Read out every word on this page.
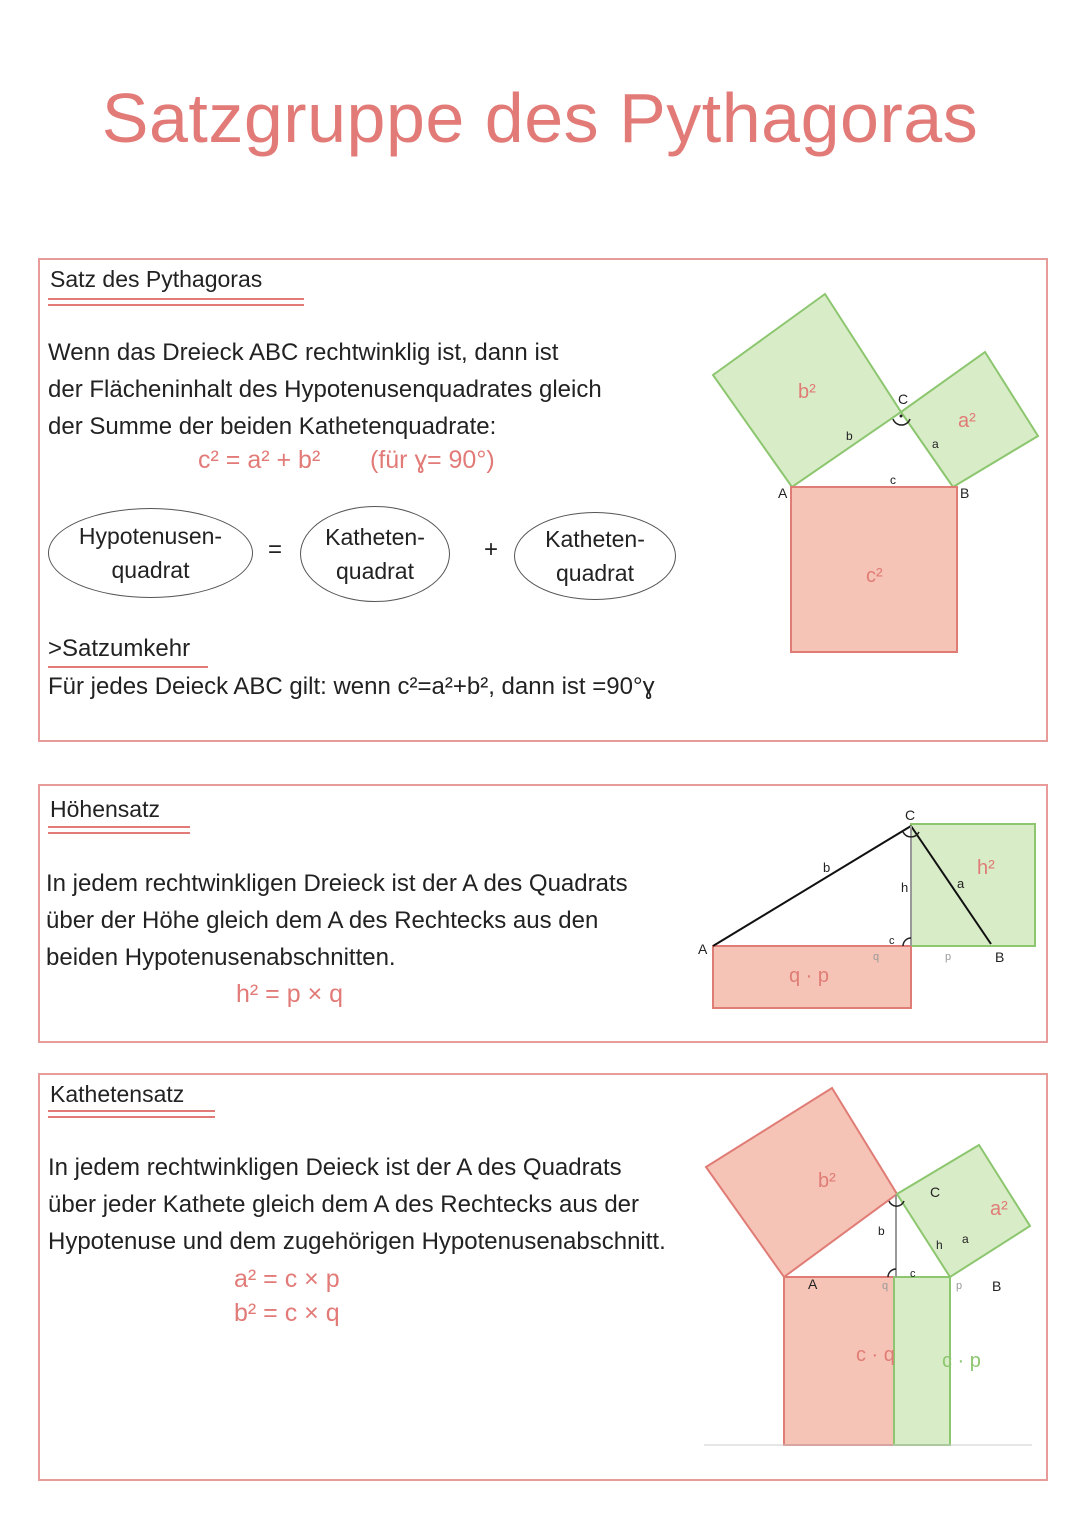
Satzgruppe des Pythagoras
Satz des Pythagoras
Wenn das Dreieck ABC rechtwinklig ist, dann ist
der Flächeninhalt des Hypotenusenquadrates gleich
der Summe der beiden Kathetenquadrate:
c² = a² + b² (für ɣ= 90°)
Hypotenusen-
quadrat
= Katheten-
quadrat
+ Katheten-
quadrat
>Satzumkehr
Für jedes Deieck ABC gilt: wenn c²=a²+b², dann ist =90°ɣ
b²
a²
c²
A	B
C
b
a
c
Höhensatz
In jedem rechtwinkligen Dreieck ist der A des Quadrats
über der Höhe gleich dem A des Rechtecks aus den
beiden Hypotenusenabschnitten.
h² = p × q
A	B
C
b
a
c
h
h²
q · p
p
q
Kathetensatz
In jedem rechtwinkligen Deieck ist der A des Quadrats
über jeder Kathete gleich dem A des Rechtecks aus der
Hypotenuse und dem zugehörigen Hypotenusenabschnitt.
a² = c × p
b² = c × q
b²
a²
A	B
C
b
a
h
c
q	p
c · q c · p
